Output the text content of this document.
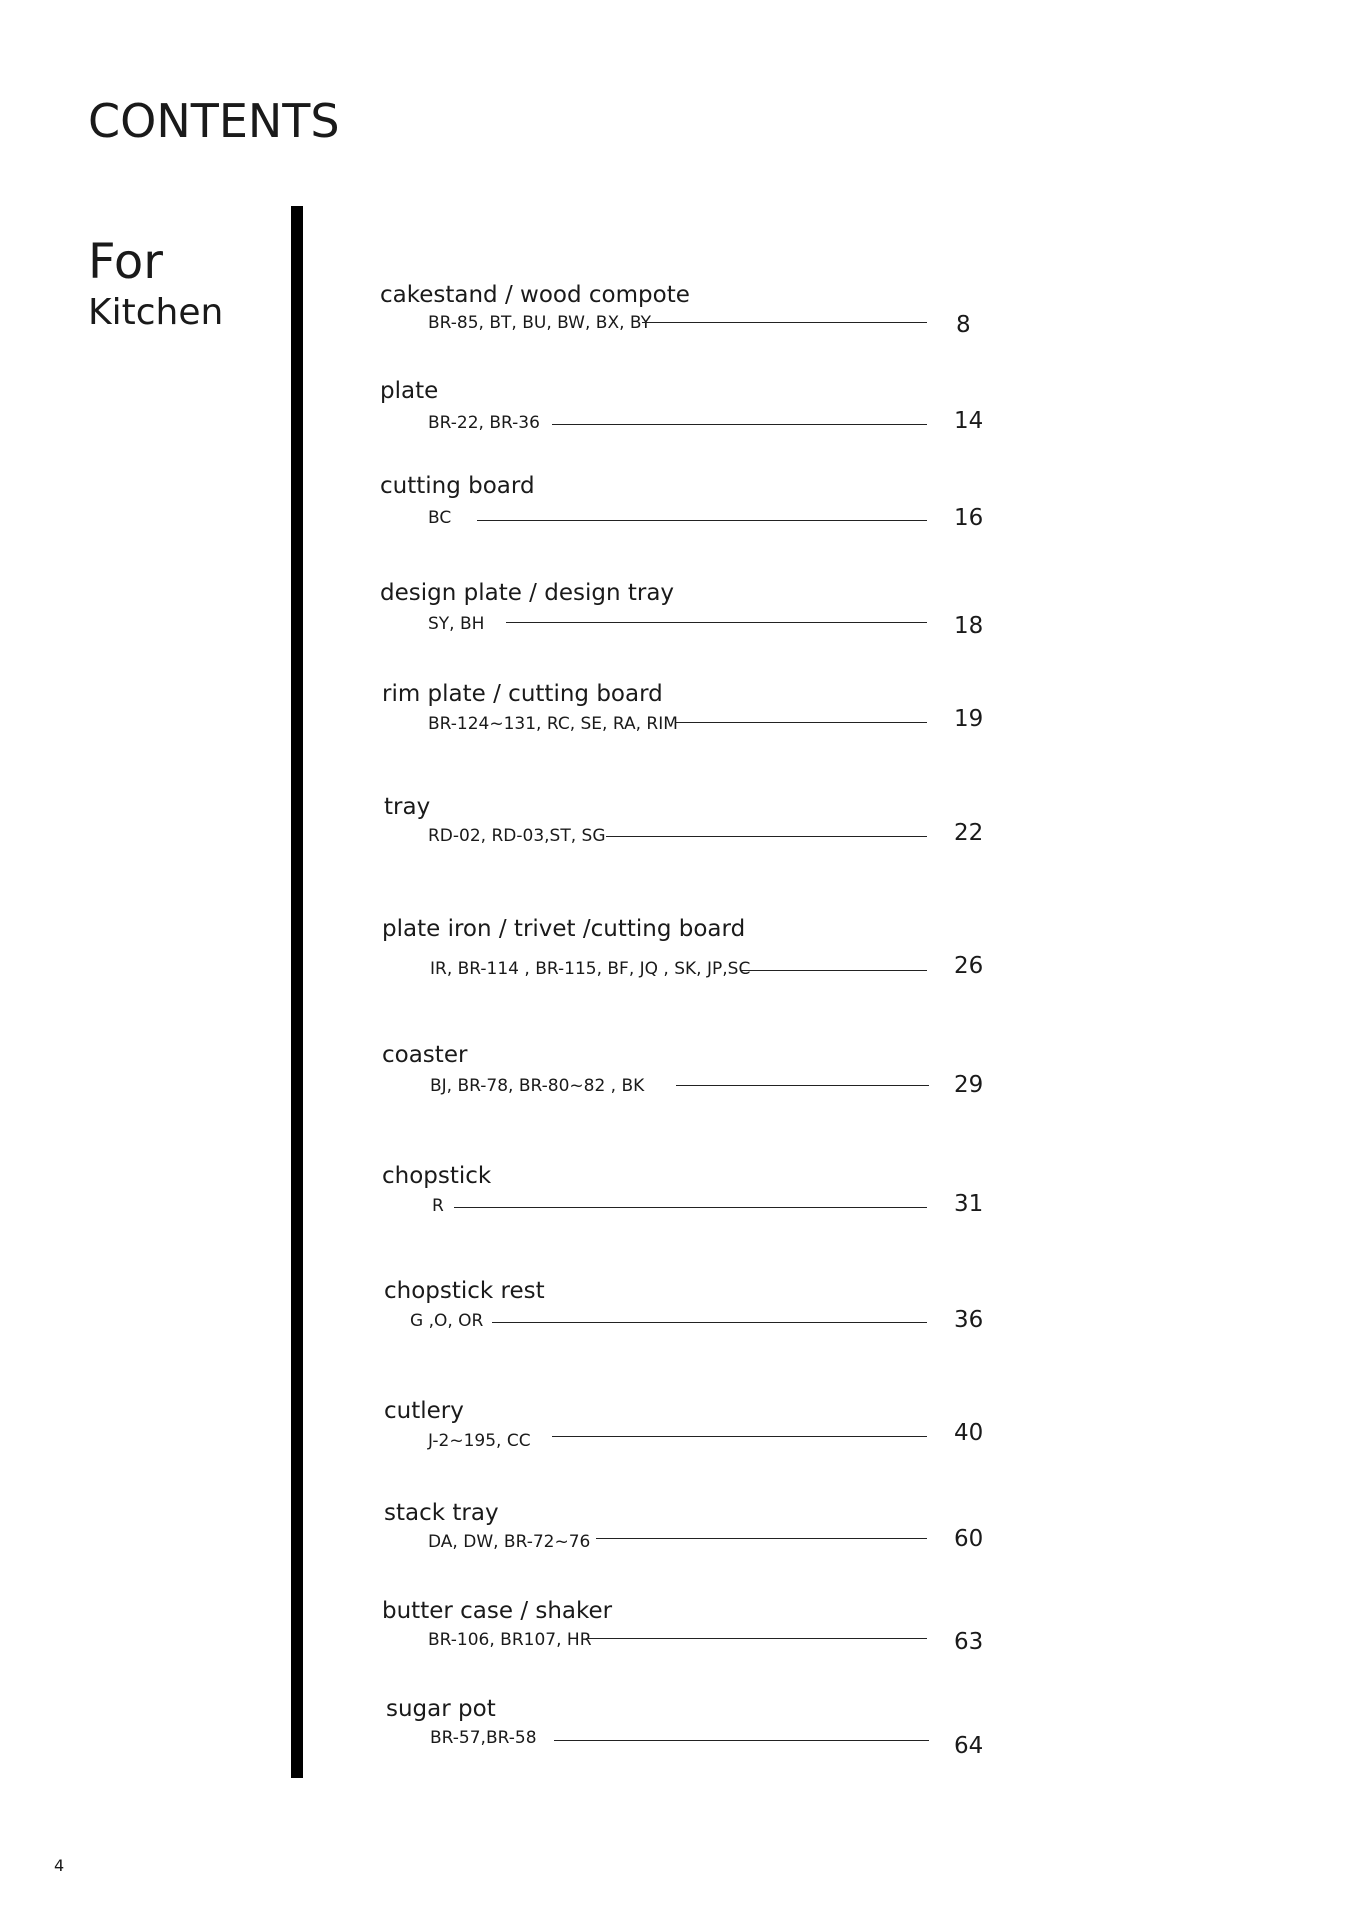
CONTENTS
For
Kitchen	cakestand / wood compote
BR-85, BT, BU, BW, BX, BY	8
plate
BR-22, BR-36	14
cutting board
BC	16
design plate / design tray
SY, BH	18
rim plate / cutting board
BR-124~131, RC, SE, RA, RIM	19
tray
RD-02, RD-03,ST, SG	22
plate iron / trivet /cutting board
IR, BR-114 , BR-115, BF, JQ , SK, JP,SC	26
coaster
BJ, BR-78, BR-80~82 , BK	29
chopstick
R	31
chopstick rest
G ,O, OR	36
cutlery
J-2~195, CC	40
stack tray
DA, DW, BR-72~76	60
butter case / shaker
BR-106, BR107, HR	63
sugar pot
BR-57,BR-58	64
4
